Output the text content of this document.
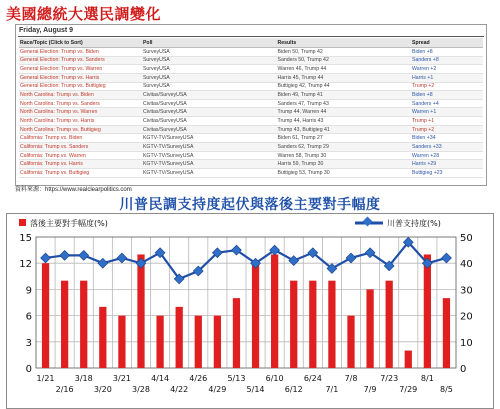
美國總統大選民調變化
Friday, August 9
Race/Topic (Click to Sort)	Poll	Results	Spread
General Election: Trump vs. Biden	SurveyUSA	Biden 50, Trump 42	Biden +8
General Election: Trump vs. Sanders	SurveyUSA	Sanders 50, Trump 42	Sanders +8
General Election: Trump vs. Warren	SurveyUSA	Warren 46, Trump 44	Warren +2
General Election: Trump vs. Harris	SurveyUSA	Harris 45, Trump 44	Harris +1
General Election: Trump vs. Buttigieg	SurveyUSA	Buttigieg 42, Trump 44	Trump +2
North Carolina: Trump vs. Biden	Civitas/SurveyUSA	Biden 49, Trump 41	Biden +8
North Carolina: Trump vs. Sanders	Civitas/SurveyUSA	Sanders 47, Trump 43	Sanders +4
North Carolina: Trump vs. Warren	Civitas/SurveyUSA	Trump 44, Warren 44	Warren +1
North Carolina: Trump vs. Harris	Civitas/SurveyUSA	Trump 44, Harris 43	Trump +1
North Carolina: Trump vs. Buttigieg	Civitas/SurveyUSA	Trump 43, Buttigieg 41	Trump +2
California: Trump vs. Biden	KGTV-TV/SurveyUSA	Biden 61, Trump 27	Biden +34
California: Trump vs. Sanders	KGTV-TV/SurveyUSA	Sanders 62, Trump 29	Sanders +33
California: Trump vs. Warren	KGTV-TV/SurveyUSA	Warren 58, Trump 30	Warren +28
California: Trump vs. Harris	KGTV-TV/SurveyUSA	Harris 59, Trump 30	Harris +29
California: Trump vs. Buttigieg	KGTV-TV/SurveyUSA	Buttigieg 53, Trump 30	Buttigieg +23
資料來源：https://www.realclearpolitics.com
川普民調支持度起伏與落後主要對手幅度
落後主要對手幅度(%)	川普支持度(%)
0
3
6
9
12
15
0
10
20
30
40
50
1/21
2/16
3/18
3/20
3/21
3/28
4/14
4/22
4/26
4/29
5/13
5/14
6/10
6/12
6/24
7/1
7/8
7/9
7/23
7/29
8/1
8/5
